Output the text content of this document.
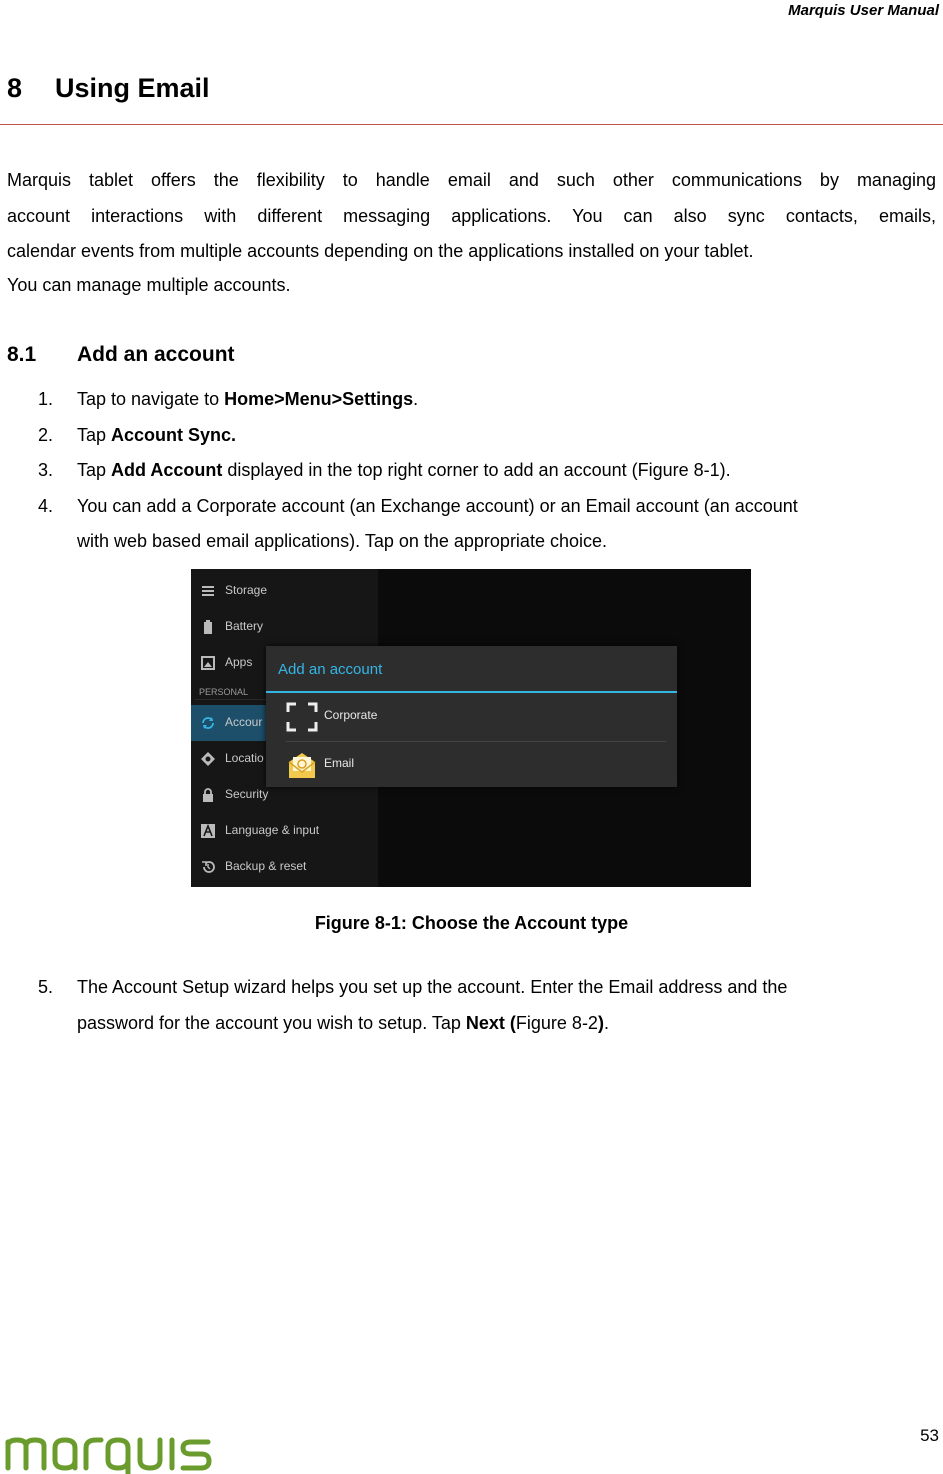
Marquis User Manual
8 Using Email

Marquis tablet offers the flexibility to handle email and such other communications by managing

account interactions with different messaging applications. You can also sync contacts, emails,

calendar events from multiple accounts depending on the applications installed on your tablet.

You can manage multiple accounts.
8.1 Add an account
1. Tap to navigate to Home>Menu>Settings.
2. Tap Account Sync.
3. Tap Add Account displayed in the top right corner to add an account (Figure 8-1).
4. You can add a Corporate account (an Exchange account) or an Email account (an account
with web based email applications). Tap on the appropriate choice.
Storage
Battery
Apps
PERSONAL
Accour
Locatio
Security
Language & input
Backup & reset
Add an account
Corporate
Email
Figure 8-1: Choose the Account type
5. The Account Setup wizard helps you set up the account. Enter the Email address and the
password for the account you wish to setup. Tap Next (Figure 8-2).
53
